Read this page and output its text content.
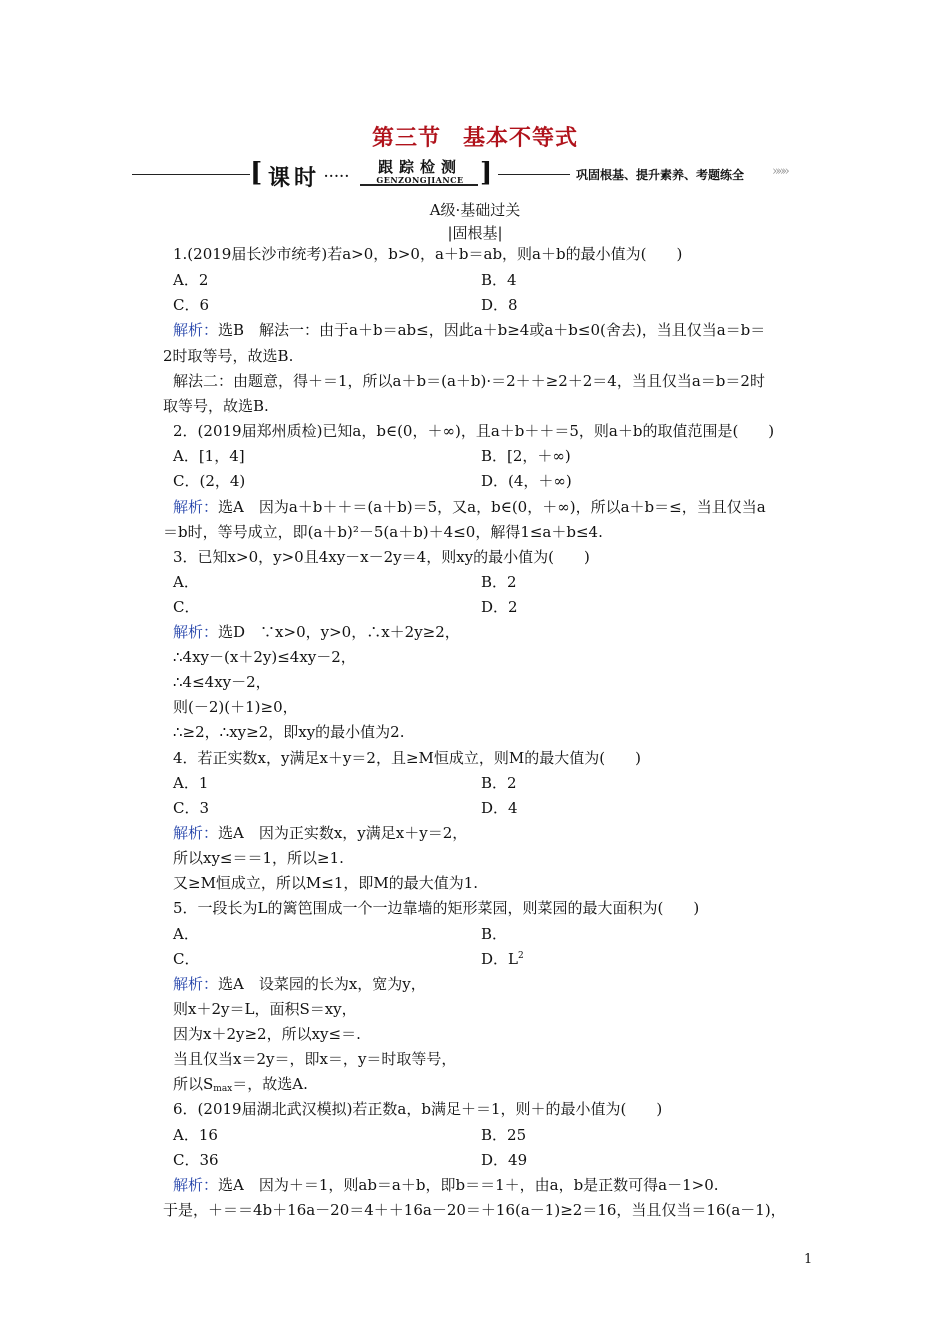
第三节 基本不等式
[ 课时 ·····	跟踪检测
GENZONGJIANCE ]	巩固根基、提升素养、考题练全 »»»
A级·基础过关
|固根基|
1.(2019届长沙市统考)若a>0，b>0，a＋b＝ab，则a＋b的最小值为(　　)
A．2	B．4
C．6	D．8
解析：选B　解法一：由于a＋b＝ab≤，因此a＋b≥4或a＋b≤0(舍去)，当且仅当a＝b＝
2时取等号，故选B.
解法二：由题意，得＋＝1，所以a＋b＝(a＋b)·＝2＋＋≥2＋2＝4，当且仅当a＝b＝2时
取等号，故选B.
2．(2019届郑州质检)已知a，b∈(0，＋∞)，且a＋b＋＋＝5，则a＋b的取值范围是(　　)
A．[1，4]	B．[2，＋∞)
C．(2，4)	D．(4，＋∞)
解析：选A　因为a＋b＋＋＝(a＋b)＝5，又a，b∈(0，＋∞)，所以a＋b＝≤，当且仅当a
＝b时，等号成立，即(a＋b)²－5(a＋b)＋4≤0，解得1≤a＋b≤4.
3．已知x>0，y>0且4xy－x－2y＝4，则xy的最小值为(　　)
A．	B．2
C．	D．2
解析：选D　∵x>0，y>0，∴x＋2y≥2，
∴4xy－(x＋2y)≤4xy－2，
∴4≤4xy－2，
则(－2)(＋1)≥0，
∴≥2，∴xy≥2，即xy的最小值为2.
4．若正实数x，y满足x＋y＝2，且≥M恒成立，则M的最大值为(　　)
A．1	B．2
C．3	D．4
解析：选A　因为正实数x，y满足x＋y＝2，
所以xy≤＝＝1，所以≥1.
又≥M恒成立，所以M≤1，即M的最大值为1.
5．一段长为L的篱笆围成一个一边靠墙的矩形菜园，则菜园的最大面积为(　　)
A．	B．
C．	D．$L^2$
解析：选A　设菜园的长为x，宽为y，
则x＋2y＝L，面积S＝xy，
因为x＋2y≥2，所以xy≤＝.
当且仅当x＝2y＝，即x＝，y＝时取等号，
所以$S_{max}=$，故选A.
6．(2019届湖北武汉模拟)若正数a，b满足＋＝1，则＋的最小值为(　　)
A．16	B．25
C．36	D．49
解析：选A　因为＋＝1，则ab＝a＋b，即b＝＝1＋，由a，b是正数可得a－1>0.
于是，＋＝＝4b＋16a－20＝4＋＋16a－20＝＋16(a－1)≥2＝16，当且仅当＝16(a－1)，
1
